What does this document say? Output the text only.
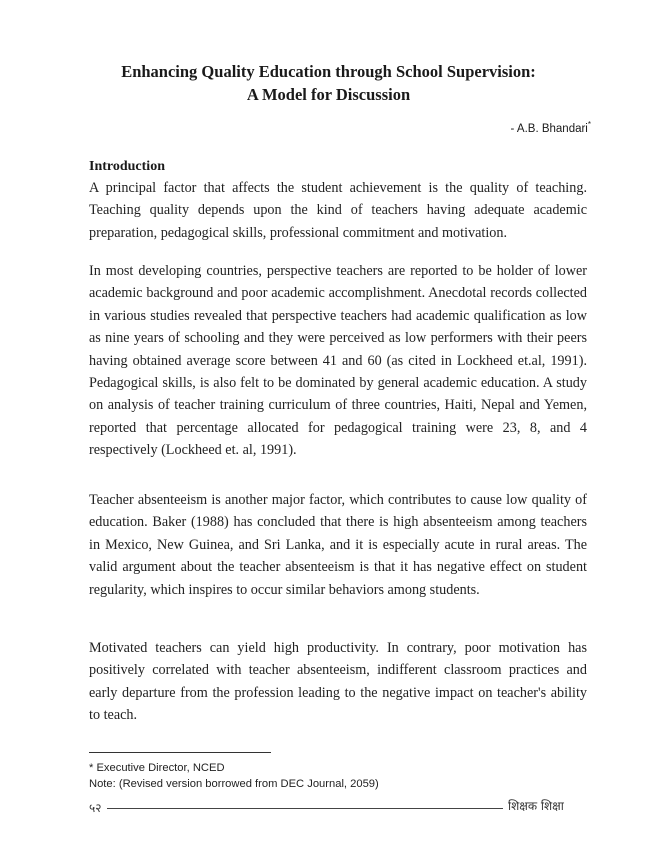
Enhancing Quality Education through School Supervision:
A Model for Discussion
- A.B. Bhandari*
Introduction
A principal factor that affects the student achievement is the quality of teaching. Teaching quality depends upon the kind of teachers having adequate academic preparation, pedagogical skills, professional commitment and motivation.
In most developing countries, perspective teachers are reported to be holder of lower academic background and poor academic accomplishment. Anecdotal records collected in various studies revealed that perspective teachers had academic qualification as low as nine years of schooling and they were perceived as low performers with their peers having obtained average score between 41 and 60 (as cited in Lockheed et.al, 1991). Pedagogical skills, is also felt to be dominated by general academic education. A study on analysis of teacher training curriculum of three countries, Haiti, Nepal and Yemen, reported that percentage allocated for pedagogical training were 23, 8, and 4 respectively (Lockheed et. al, 1991).
Teacher absenteeism is another major factor, which contributes to cause low quality of education. Baker (1988) has concluded that there is high absenteeism among teachers in Mexico, New Guinea, and Sri Lanka, and it is especially acute in rural areas. The valid argument about the teacher absenteeism is that it has negative effect on student regularity, which inspires to occur similar behaviors among students.
Motivated teachers can yield high productivity. In contrary, poor motivation has positively correlated with teacher absenteeism, indifferent classroom practices and early departure from the profession leading to the negative impact on teacher's ability to teach.
* Executive Director, NCED
Note: (Revised version borrowed from DEC Journal, 2059)
५२	शिक्षक शिक्षा
